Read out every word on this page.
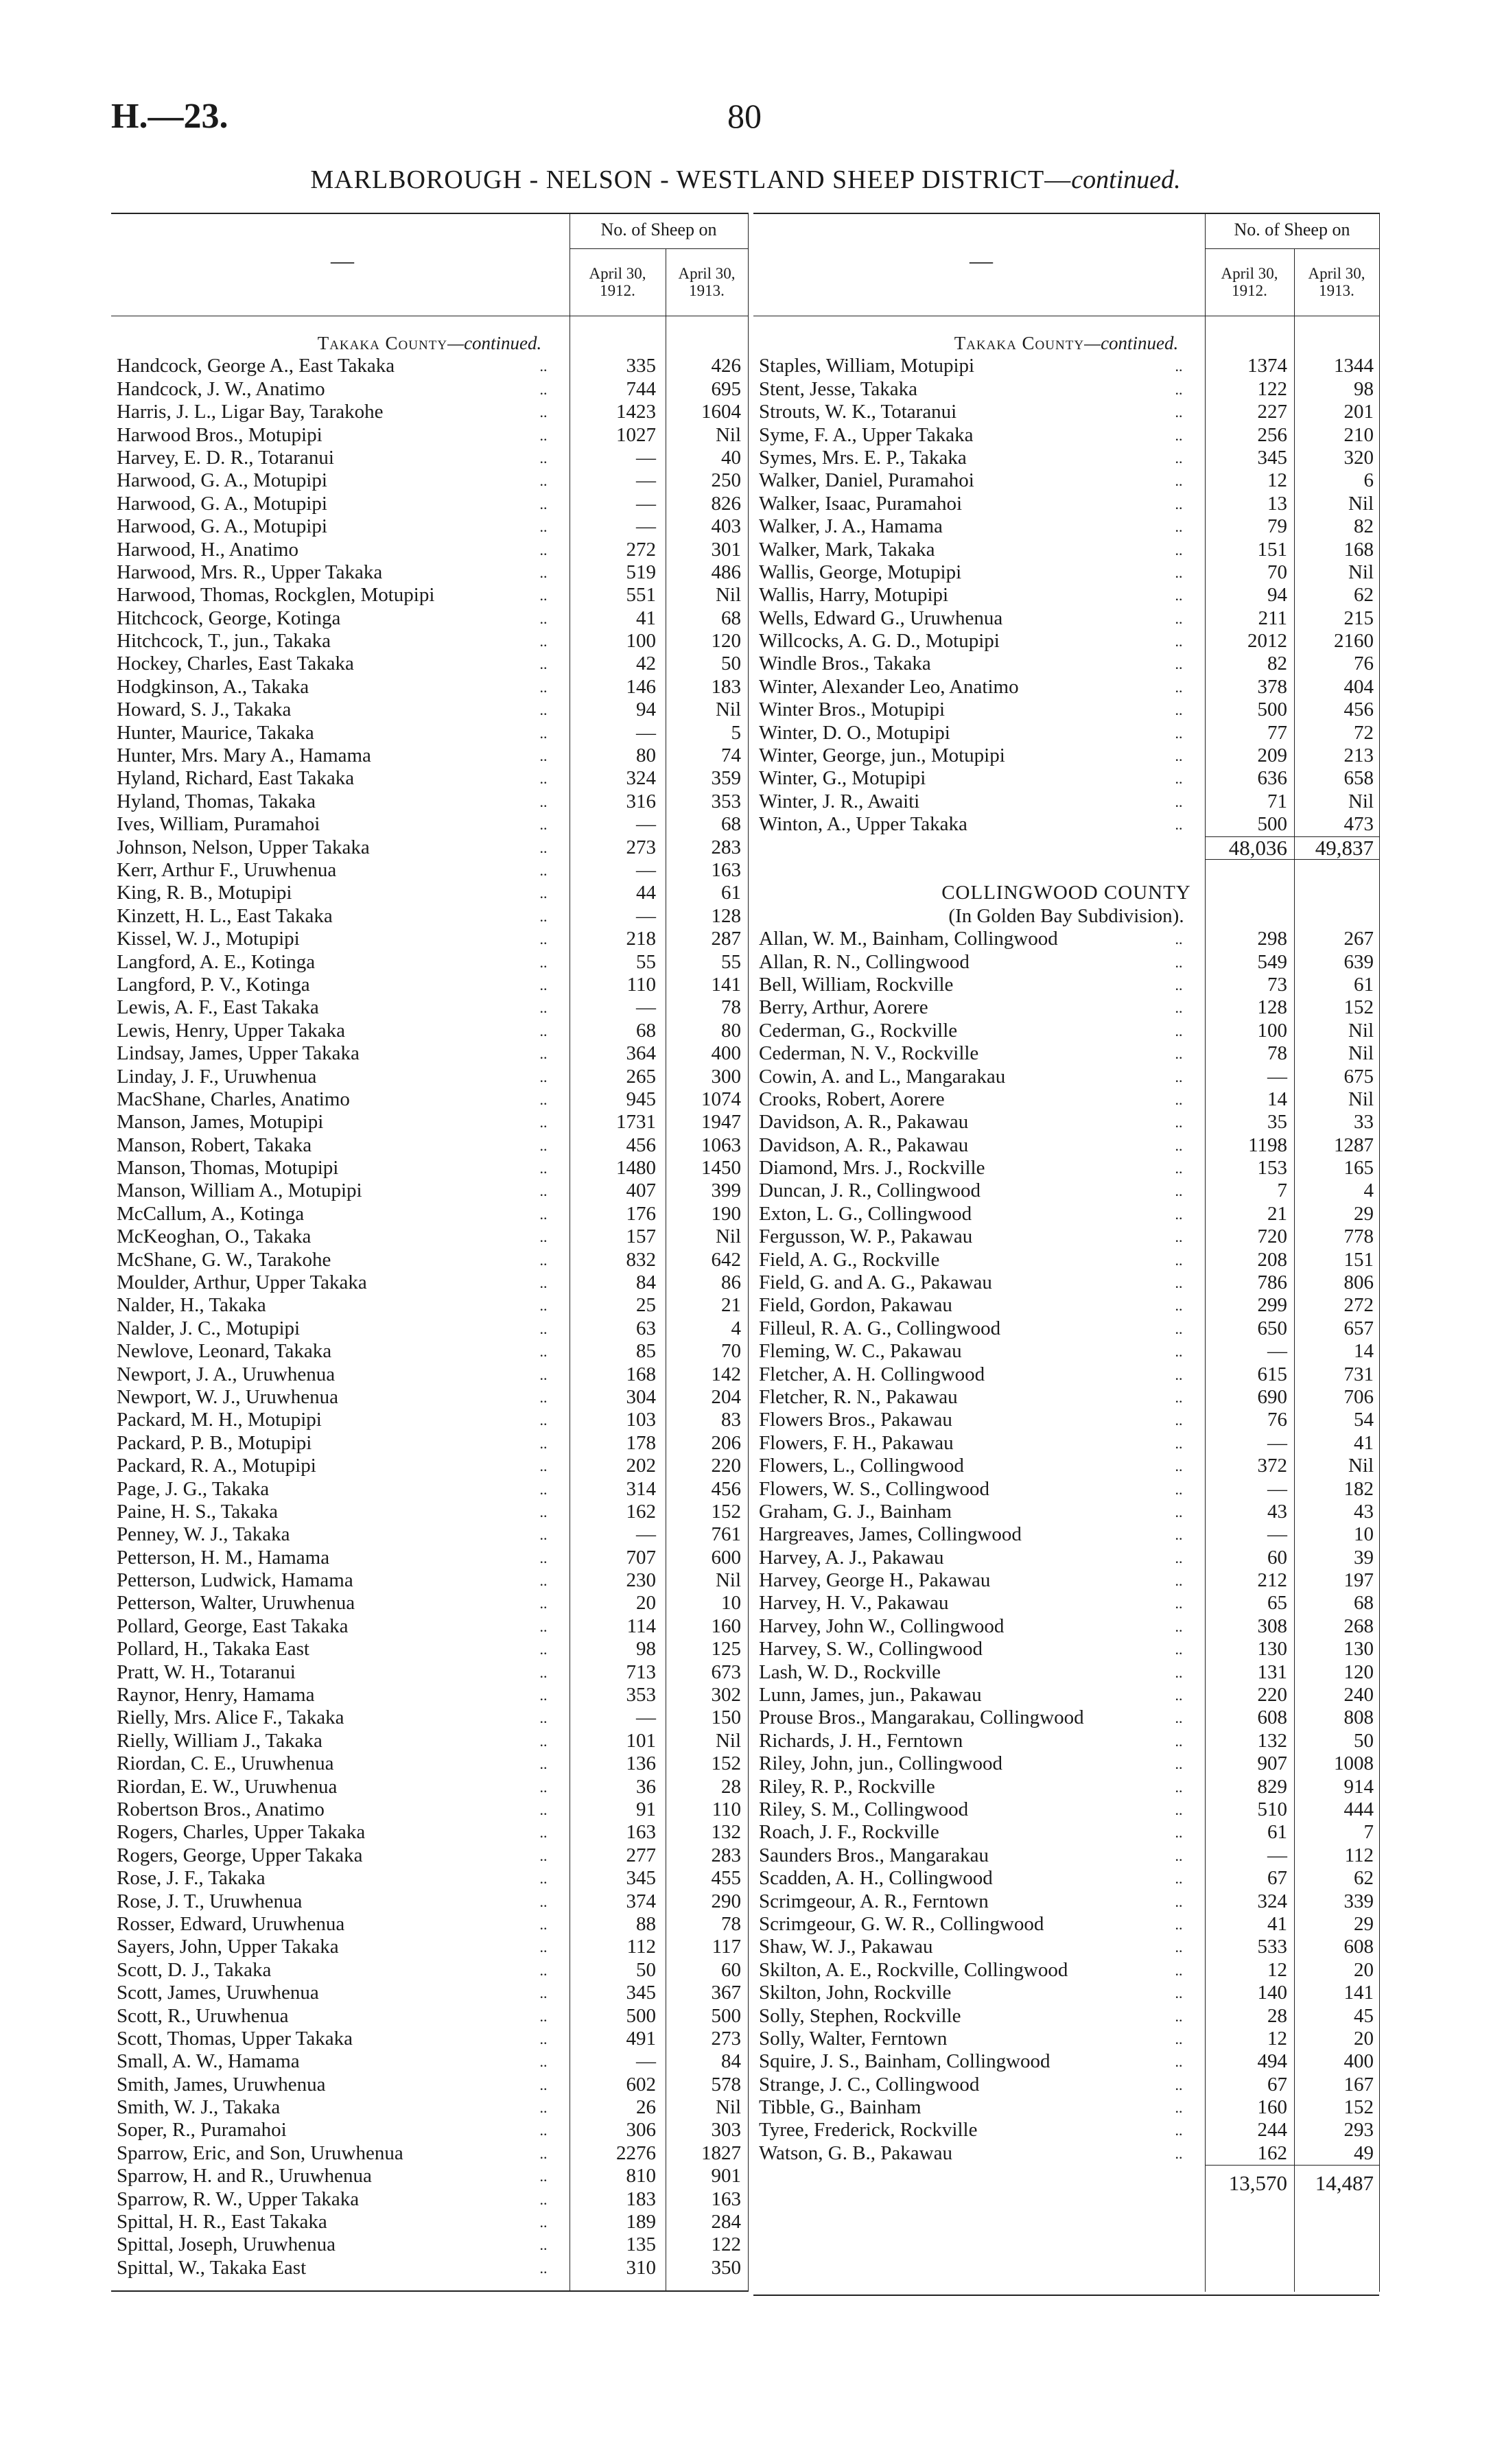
H.—23.	80
MARLBOROUGH - NELSON - WESTLAND SHEEP DISTRICT—continued.
—
No. of Sheep on
April 30,
1912.
April 30,
1913.
Takaka County—continued.
Handcock, George A., East Takaka	..	335	426
Handcock, J. W., Anatimo	..	744	695
Harris, J. L., Ligar Bay, Tarakohe	..	1423 1604
Harwood Bros., Motupipi	..	1027	Nil
Harvey, E. D. R., Totaranui	..	—	40
Harwood, G. A., Motupipi	..	—	250
Harwood, G. A., Motupipi	..	—	826
Harwood, G. A., Motupipi	..	—	403
Harwood, H., Anatimo	..	272	301
Harwood, Mrs. R., Upper Takaka	..	519	486
Harwood, Thomas, Rockglen, Motupipi	..	551	Nil
Hitchcock, George, Kotinga	..	41	68
Hitchcock, T., jun., Takaka	..	100	120
Hockey, Charles, East Takaka	..	42	50
Hodgkinson, A., Takaka	..	146	183
Howard, S. J., Takaka	..	94	Nil
Hunter, Maurice, Takaka	..	—	5
Hunter, Mrs. Mary A., Hamama	..	80	74
Hyland, Richard, East Takaka	..	324	359
Hyland, Thomas, Takaka	..	316	353
Ives, William, Puramahoi	..	—	68
Johnson, Nelson, Upper Takaka	..	273	283
Kerr, Arthur F., Uruwhenua	..	—	163
King, R. B., Motupipi	..	44	61
Kinzett, H. L., East Takaka	..	—	128
Kissel, W. J., Motupipi	..	218	287
Langford, A. E., Kotinga	..	55	55
Langford, P. V., Kotinga	..	110	141
Lewis, A. F., East Takaka	..	—	78
Lewis, Henry, Upper Takaka	..	68	80
Lindsay, James, Upper Takaka	..	364	400
Linday, J. F., Uruwhenua	..	265	300
MacShane, Charles, Anatimo	..	945 1074
Manson, James, Motupipi	..	1731 1947
Manson, Robert, Takaka	..	456 1063
Manson, Thomas, Motupipi	..	1480 1450
Manson, William A., Motupipi	..	407	399
McCallum, A., Kotinga	..	176	190
McKeoghan, O., Takaka	..	157	Nil
McShane, G. W., Tarakohe	..	832	642
Moulder, Arthur, Upper Takaka	..	84	86
Nalder, H., Takaka	..	25	21
Nalder, J. C., Motupipi	..	63	4
Newlove, Leonard, Takaka	..	85	70
Newport, J. A., Uruwhenua	..	168	142
Newport, W. J., Uruwhenua	..	304	204
Packard, M. H., Motupipi	..	103	83
Packard, P. B., Motupipi	..	178	206
Packard, R. A., Motupipi	..	202	220
Page, J. G., Takaka	..	314	456
Paine, H. S., Takaka	..	162	152
Penney, W. J., Takaka	..	—	761
Petterson, H. M., Hamama	..	707	600
Petterson, Ludwick, Hamama	..	230	Nil
Petterson, Walter, Uruwhenua	..	20	10
Pollard, George, East Takaka	..	114	160
Pollard, H., Takaka East	..	98	125
Pratt, W. H., Totaranui	..	713	673
Raynor, Henry, Hamama	..	353	302
Rielly, Mrs. Alice F., Takaka	..	—	150
Rielly, William J., Takaka	..	101	Nil
Riordan, C. E., Uruwhenua	..	136	152
Riordan, E. W., Uruwhenua	..	36	28
Robertson Bros., Anatimo	..	91	110
Rogers, Charles, Upper Takaka	..	163	132
Rogers, George, Upper Takaka	..	277	283
Rose, J. F., Takaka	..	345	455
Rose, J. T., Uruwhenua	..	374	290
Rosser, Edward, Uruwhenua	..	88	78
Sayers, John, Upper Takaka	..	112	117
Scott, D. J., Takaka	..	50	60
Scott, James, Uruwhenua	..	345	367
Scott, R., Uruwhenua	..	500	500
Scott, Thomas, Upper Takaka	..	491	273
Small, A. W., Hamama	..	—	84
Smith, James, Uruwhenua	..	602	578
Smith, W. J., Takaka	..	26	Nil
Soper, R., Puramahoi	..	306	303
Sparrow, Eric, and Son, Uruwhenua	..	2276 1827
Sparrow, H. and R., Uruwhenua	..	810	901
Sparrow, R. W., Upper Takaka	..	183	163
Spittal, H. R., East Takaka	..	189	284
Spittal, Joseph, Uruwhenua	..	135	122
Spittal, W., Takaka East	..	310	350
—
No. of Sheep on
April 30,
1912.
April 30,
1913.
Takaka County—continued.
Staples, William, Motupipi	..	1374 1344
Stent, Jesse, Takaka	..	122	98
Strouts, W. K., Totaranui	..	227	201
Syme, F. A., Upper Takaka	..	256	210
Symes, Mrs. E. P., Takaka	..	345	320
Walker, Daniel, Puramahoi	..	12	6
Walker, Isaac, Puramahoi	..	13	Nil
Walker, J. A., Hamama	..	79	82
Walker, Mark, Takaka	..	151	168
Wallis, George, Motupipi	..	70	Nil
Wallis, Harry, Motupipi	..	94	62
Wells, Edward G., Uruwhenua	..	211	215
Willcocks, A. G. D., Motupipi	..	2012 2160
Windle Bros., Takaka	..	82	76
Winter, Alexander Leo, Anatimo	..	378	404
Winter Bros., Motupipi	..	500	456
Winter, D. O., Motupipi	..	77	72
Winter, George, jun., Motupipi	..	209	213
Winter, G., Motupipi	..	636	658
Winter, J. R., Awaiti	..	71	Nil
Winton, A., Upper Takaka	..	500	473
48,036 49,837
COLLINGWOOD COUNTY
(In Golden Bay Subdivision).
Allan, W. M., Bainham, Collingwood	..	298	267
Allan, R. N., Collingwood	..	549	639
Bell, William, Rockville	..	73	61
Berry, Arthur, Aorere	..	128	152
Cederman, G., Rockville	..	100	Nil
Cederman, N. V., Rockville	..	78	Nil
Cowin, A. and L., Mangarakau	..	—	675
Crooks, Robert, Aorere	..	14	Nil
Davidson, A. R., Pakawau	..	35	33
Davidson, A. R., Pakawau	..	1198 1287
Diamond, Mrs. J., Rockville	..	153	165
Duncan, J. R., Collingwood	..	7	4
Exton, L. G., Collingwood	..	21	29
Fergusson, W. P., Pakawau	..	720	778
Field, A. G., Rockville	..	208	151
Field, G. and A. G., Pakawau	..	786	806
Field, Gordon, Pakawau	..	299	272
Filleul, R. A. G., Collingwood	..	650	657
Fleming, W. C., Pakawau	..	—	14
Fletcher, A. H. Collingwood	..	615	731
Fletcher, R. N., Pakawau	..	690	706
Flowers Bros., Pakawau	..	76	54
Flowers, F. H., Pakawau	..	—	41
Flowers, L., Collingwood	..	372	Nil
Flowers, W. S., Collingwood	..	—	182
Graham, G. J., Bainham	..	43	43
Hargreaves, James, Collingwood	..	—	10
Harvey, A. J., Pakawau	..	60	39
Harvey, George H., Pakawau	..	212	197
Harvey, H. V., Pakawau	..	65	68
Harvey, John W., Collingwood	..	308	268
Harvey, S. W., Collingwood	..	130	130
Lash, W. D., Rockville	..	131	120
Lunn, James, jun., Pakawau	..	220	240
Prouse Bros., Mangarakau, Collingwood	..	608	808
Richards, J. H., Ferntown	..	132	50
Riley, John, jun., Collingwood	..	907 1008
Riley, R. P., Rockville	..	829	914
Riley, S. M., Collingwood	..	510	444
Roach, J. F., Rockville	..	61	7
Saunders Bros., Mangarakau	..	—	112
Scadden, A. H., Collingwood	..	67	62
Scrimgeour, A. R., Ferntown	..	324	339
Scrimgeour, G. W. R., Collingwood	..	41	29
Shaw, W. J., Pakawau	..	533	608
Skilton, A. E., Rockville, Collingwood	..	12	20
Skilton, John, Rockville	..	140	141
Solly, Stephen, Rockville	..	28	45
Solly, Walter, Ferntown	..	12	20
Squire, J. S., Bainham, Collingwood	..	494	400
Strange, J. C., Collingwood	..	67	167
Tibble, G., Bainham	..	160	152
Tyree, Frederick, Rockville	..	244	293
Watson, G. B., Pakawau	..	162	49
13,570 14,487
